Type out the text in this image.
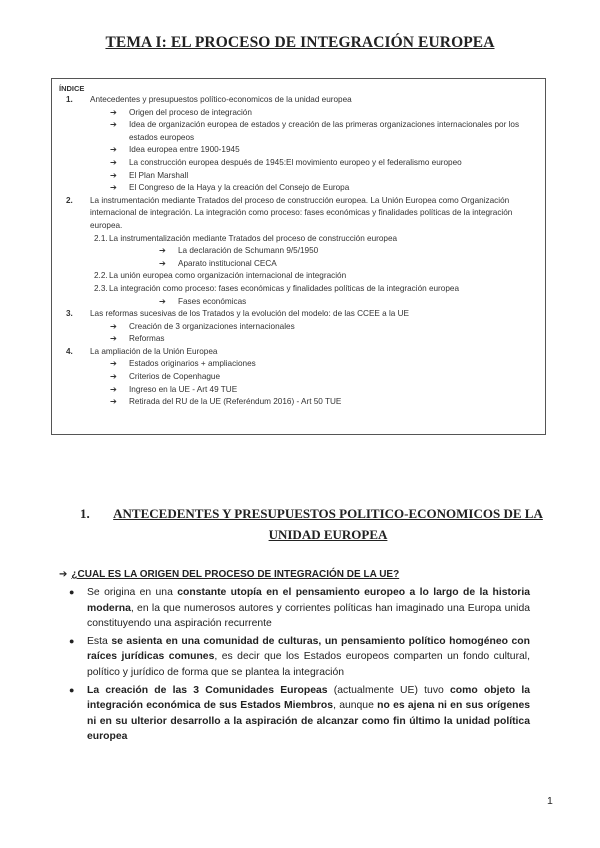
TEMA I: EL PROCESO DE INTEGRACIÓN EUROPEA
ÍNDICE
1.	Antecedentes y presupuestos político-economicos de la unidad europea
➔	Origen del proceso de integración
➔	Idea de organización europea de estados y creación de las primeras organizaciones internacionales por los estados europeos
➔	Idea europea entre 1900-1945
➔	La construcción europea después de 1945:El movimiento europeo y el federalismo europeo
➔	El Plan Marshall
➔	El Congreso de la Haya y la creación del Consejo de Europa
2.	La instrumentación mediante Tratados del proceso de construcción europea. La Unión Europea como Organización internacional de integración. La integración como proceso: fases económicas y finalidades políticas de la integración europea.
2.1. La instrumentalización mediante Tratados del proceso de construcción europea
➔	La declaración de Schumann 9/5/1950
➔	Aparato institucional CECA
2.2. La unión europea como organización internacional de integración
2.3. La integración como proceso: fases económicas y finalidades políticas de la integración europea
➔	Fases económicas
3.	Las reformas sucesivas de los Tratados y la evolución del modelo: de las CCEE a la UE
➔	Creación de 3 organizaciones internacionales
➔	Reformas
4.	La ampliación de la Unión Europea
➔	Estados originarios + ampliaciones
➔	Criterios de Copenhague
➔	Ingreso en la UE - Art 49 TUE
➔	Retirada del RU de la UE (Referéndum 2016) - Art 50 TUE
1.	ANTECEDENTES Y PRESUPUESTOS POLITICO-ECONOMICOS DE LA UNIDAD EUROPEA
➔ ¿CUAL ES LA ORIGEN DEL PROCESO DE INTEGRACIÓN DE LA UE?
●	Se origina en una constante utopía en el pensamiento europeo a lo largo de la historia moderna, en la que numerosos autores y corrientes políticas han imaginado una Europa unida constituyendo una aspiración recurrente
●	Esta se asienta en una comunidad de culturas, un pensamiento político homogéneo con raíces jurídicas comunes, es decir que los Estados europeos comparten un fondo cultural, político y jurídico de forma que se plantea la integración
●	La creación de las 3 Comunidades Europeas (actualmente UE) tuvo como objeto la integración económica de sus Estados Miembros, aunque no es ajena ni en sus orígenes ni en su ulterior desarrollo a la aspiración de alcanzar como fin último la unidad política europea
1
